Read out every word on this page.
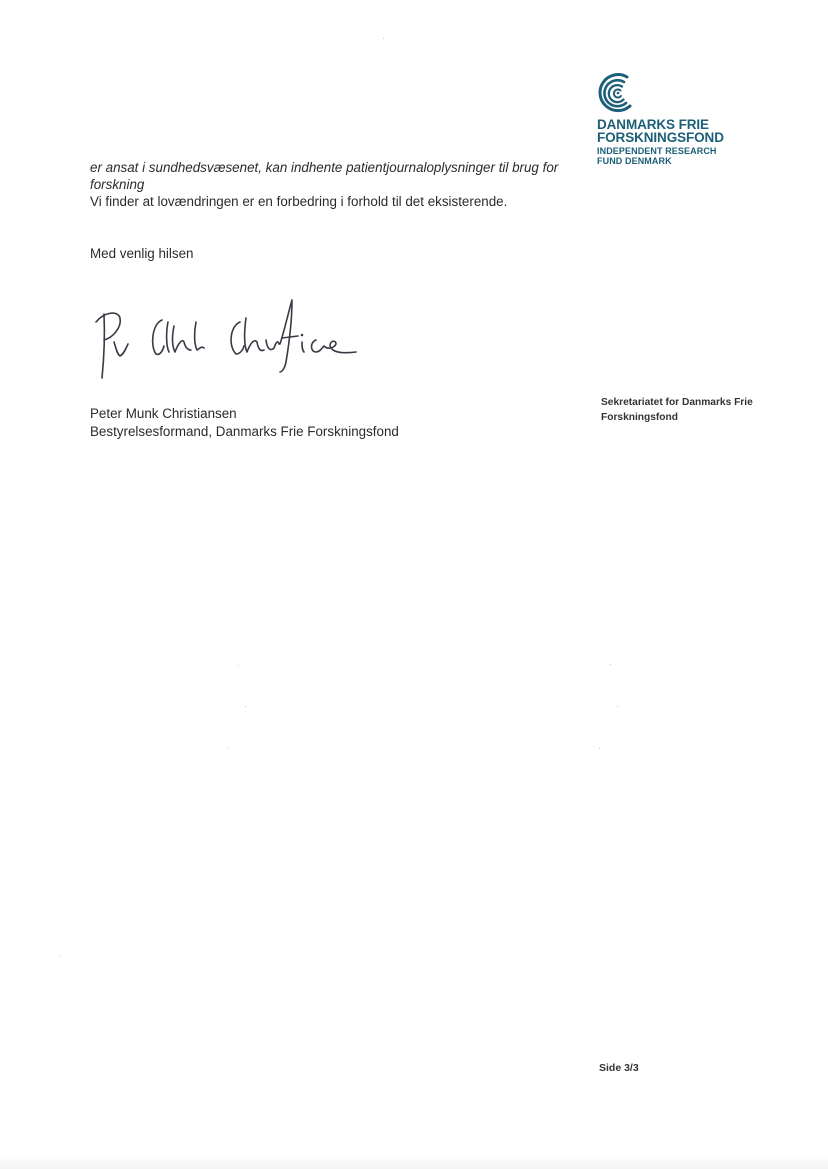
DANMARKS FRIE
FORSKNINGSFOND
INDEPENDENT RESEARCH
FUND DENMARK
er ansat i sundhedsvæsenet, kan indhente patientjournaloplysninger til brug for
forskning
Vi finder at lovændringen er en forbedring i forhold til det eksisterende.
Med venlig hilsen
Peter Munk Christiansen
Bestyrelsesformand, Danmarks Frie Forskningsfond
Sekretariatet for Danmarks Frie
Forskningsfond
Side 3/3
